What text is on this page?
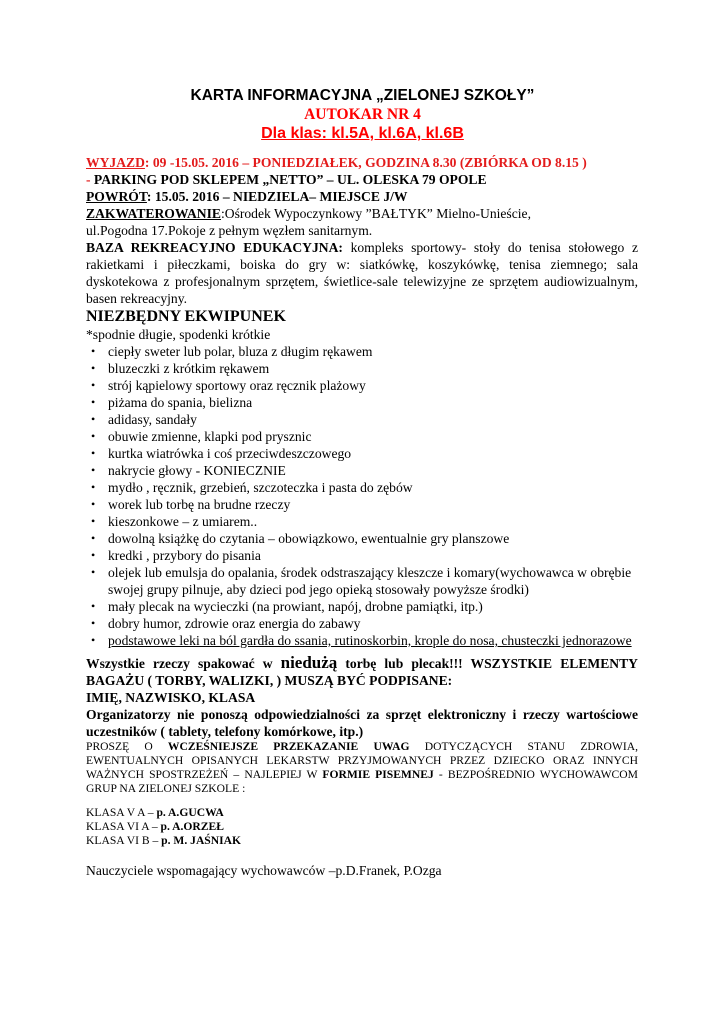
KARTA INFORMACYJNA „ZIELONEJ SZKOŁY”
AUTOKAR NR 4
Dla klas: kl.5A, kl.6A, kl.6B
WYJAZD: 09 -15.05. 2016 – PONIEDZIAŁEK, GODZINA 8.30 (ZBIÓRKA OD 8.15 )
- PARKING POD SKLEPEM „NETTO” – UL. OLESKA 79 OPOLE
POWRÓT: 15.05. 2016 – NIEDZIELA– MIEJSCE J/W
ZAKWATEROWANIE:Ośrodek Wypoczynkowy ”BAŁTYK” Mielno-Unieście,
ul.Pogodna 17.Pokoje z pełnym węzłem sanitarnym.
BAZA REKREACYJNO EDUKACYJNA: kompleks sportowy- stoły do tenisa stołowego z rakietkami i piłeczkami, boiska do gry w: siatkówkę, koszykówkę, tenisa ziemnego; sala dyskotekowa z profesjonalnym sprzętem, świetlice-sale telewizyjne ze sprzętem audiowizualnym, basen rekreacyjny.
NIEZBĘDNY EKWIPUNEK
*spodnie długie, spodenki krótkie
• ciepły sweter lub polar, bluza z długim rękawem
• bluzeczki z krótkim rękawem
• strój kąpielowy sportowy oraz ręcznik plażowy
• piżama do spania, bielizna
• adidasy, sandały
• obuwie zmienne, klapki pod prysznic
• kurtka wiatrówka i coś przeciwdeszczowego
• nakrycie głowy - KONIECZNIE
• mydło , ręcznik, grzebień, szczoteczka i pasta do zębów
• worek lub torbę na brudne rzeczy
• kieszonkowe – z umiarem..
• dowolną książkę do czytania – obowiązkowo, ewentualnie gry planszowe
• kredki , przybory do pisania
• olejek lub emulsja do opalania, środek odstraszający kleszcze i komary(wychowawca w obrębie swojej grupy pilnuje, aby dzieci pod jego opieką stosowały powyższe środki)
• mały plecak na wycieczki (na prowiant, napój, drobne pamiątki, itp.)
• dobry humor, zdrowie oraz energia do zabawy
• podstawowe leki na ból gardła do ssania, rutinoskorbin, krople do nosa, chusteczki jednorazowe
Wszystkie rzeczy spakować w niedużą torbę lub plecak!!! WSZYSTKIE ELEMENTY BAGAŻU ( TORBY, WALIZKI, ) MUSZĄ BYĆ PODPISANE:
IMIĘ, NAZWISKO, KLASA
Organizatorzy nie ponoszą odpowiedzialności za sprzęt elektroniczny i rzeczy wartościowe uczestników ( tablety, telefony komórkowe, itp.)
PROSZĘ O WCZEŚNIEJSZE PRZEKAZANIE UWAG DOTYCZĄCYCH STANU ZDROWIA, EWENTUALNYCH OPISANYCH LEKARSTW PRZYJMOWANYCH PRZEZ DZIECKO ORAZ INNYCH WAŻNYCH SPOSTRZEŻEŃ – NAJLEPIEJ W FORMIE PISEMNEJ - BEZPOŚREDNIO WYCHOWAWCOM GRUP NA ZIELONEJ SZKOLE :
KLASA V A – p. A.GUCWA
KLASA VI A – p. A.ORZEŁ
KLASA VI B – p. M. JAŚNIAK
Nauczyciele wspomagający wychowawców –p.D.Franek, P.Ozga
